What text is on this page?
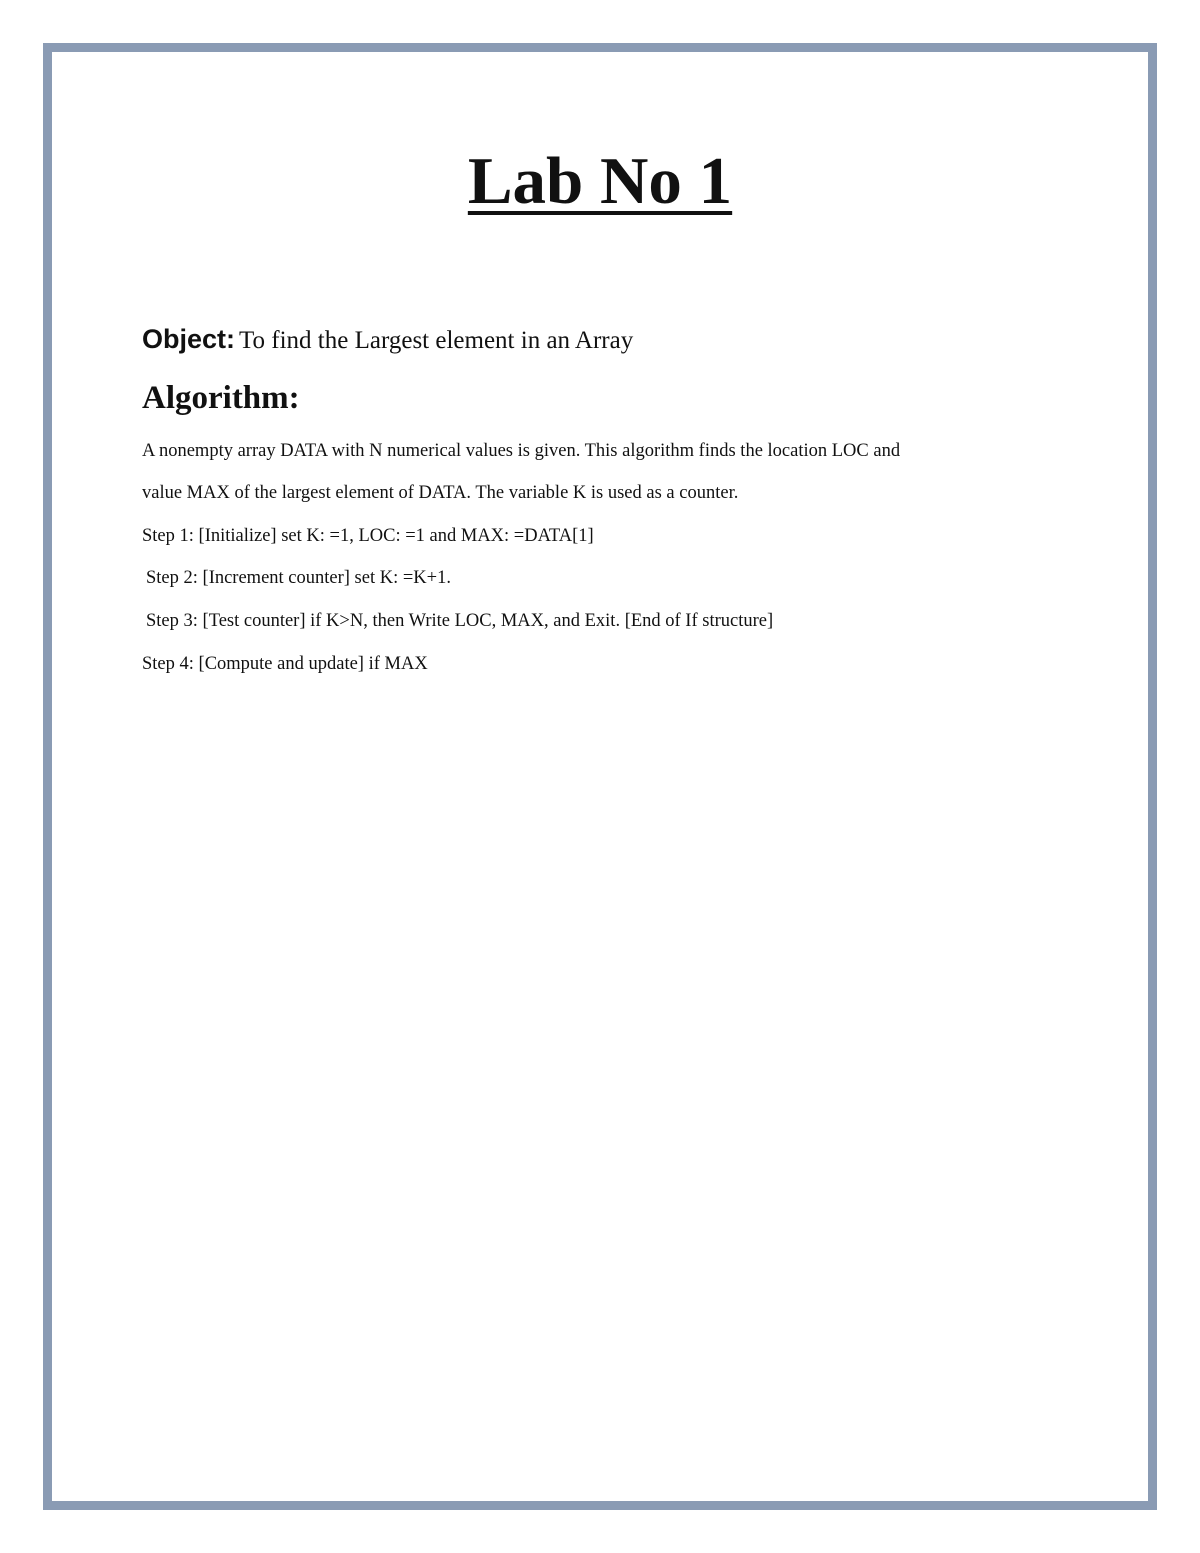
Lab No 1

Object: To find the Largest element in an Array

Algorithm:

A nonempty array DATA with N numerical values is given. This algorithm finds the location LOC and

value MAX of the largest element of DATA. The variable K is used as a counter.

Step 1: [Initialize] set K: =1, LOC: =1 and MAX: =DATA[1]

Step 2: [Increment counter] set K: =K+1.

Step 3: [Test counter] if K>N, then Write LOC, MAX, and Exit. [End of If structure]

Step 4: [Compute and update] if MAX
